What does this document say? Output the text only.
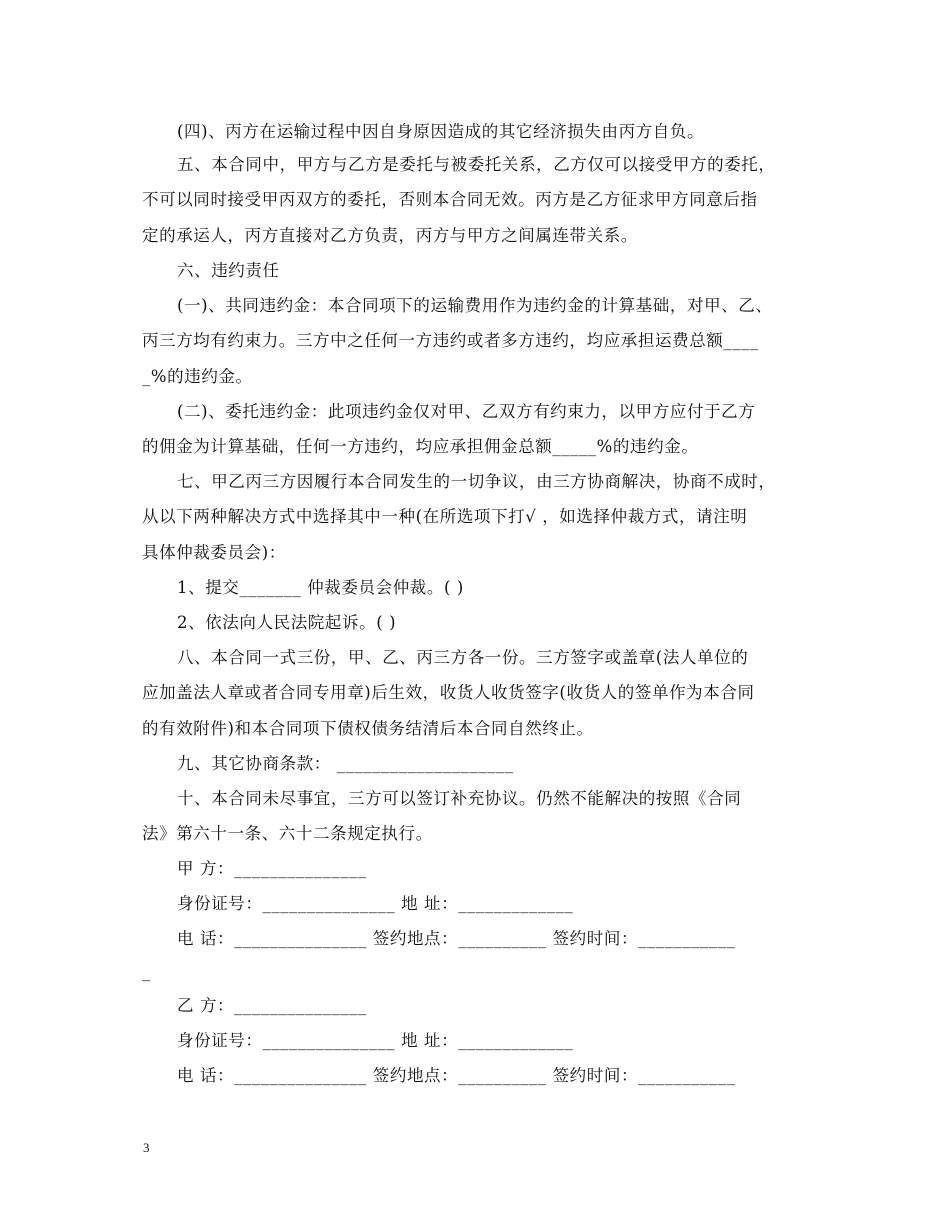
(四)、丙方在运输过程中因自身原因造成的其它经济损失由丙方自负。
五、本合同中，甲方与乙方是委托与被委托关系，乙方仅可以接受甲方的委托，
不可以同时接受甲丙双方的委托，否则本合同无效。丙方是乙方征求甲方同意后指
定的承运人，丙方直接对乙方负责，丙方与甲方之间属连带关系。
六、违约责任
(一)、共同违约金：本合同项下的运输费用作为违约金的计算基础，对甲、乙、
丙三方均有约束力。三方中之任何一方违约或者多方违约，均应承担运费总额____
_%的违约金。
(二)、委托违约金：此项违约金仅对甲、乙双方有约束力，以甲方应付于乙方
的佣金为计算基础，任何一方违约，均应承担佣金总额_____%的违约金。
七、甲乙丙三方因履行本合同发生的一切争议，由三方协商解决，协商不成时，
从以下两种解决方式中选择其中一种(在所选项下打√ ，如选择仲裁方式，请注明
具体仲裁委员会)：
1、提交_______ 仲裁委员会仲裁。( )
2、依法向人民法院起诉。( )
八、本合同一式三份，甲、乙、丙三方各一份。三方签字或盖章(法人单位的
应加盖法人章或者合同专用章)后生效，收货人收货签字(收货人的签单作为本合同
的有效附件)和本合同项下债权债务结清后本合同自然终止。
九、其它协商条款： ____________________
十、本合同未尽事宜，三方可以签订补充协议。仍然不能解决的按照《合同
法》第六十一条、六十二条规定执行。
甲 方：_______________
身份证号：_______________ 地 址：_____________
电 话：_______________ 签约地点：__________ 签约时间：___________
_
乙 方：_______________
身份证号：_______________ 地 址：_____________
电 话：_______________ 签约地点：__________ 签约时间：___________
3
